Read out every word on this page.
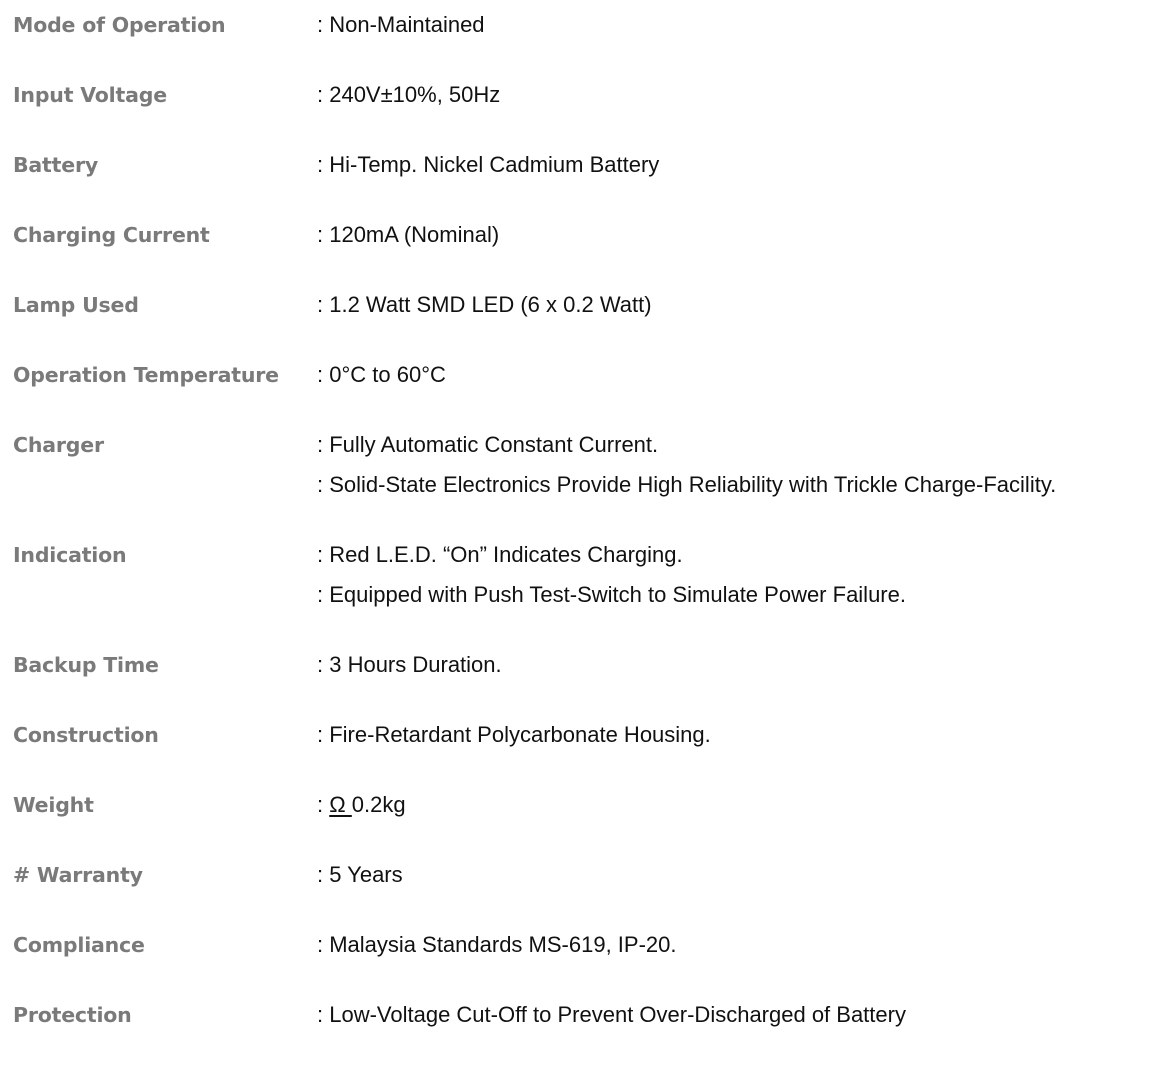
Mode of Operation	: Non-Maintained
Input Voltage	: 240V±10%, 50Hz
Battery	: Hi-Temp. Nickel Cadmium Battery
Charging Current	: 120mA (Nominal)
Lamp Used	: 1.2 Watt SMD LED (6 x 0.2 Watt)
Operation Temperature	: 0°C to 60°C
Charger	: Fully Automatic Constant Current.
: Solid-State Electronics Provide High Reliability with Trickle Charge-Facility.
Indication	: Red L.E.D. “On” Indicates Charging.
: Equipped with Push Test-Switch to Simulate Power Failure.
Backup Time	: 3 Hours Duration.
Construction	: Fire-Retardant Polycarbonate Housing.
Weight	: Ω 0.2kg
# Warranty	: 5 Years
Compliance	: Malaysia Standards MS-619, IP-20.
Protection	: Low-Voltage Cut-Off to Prevent Over-Discharged of Battery
